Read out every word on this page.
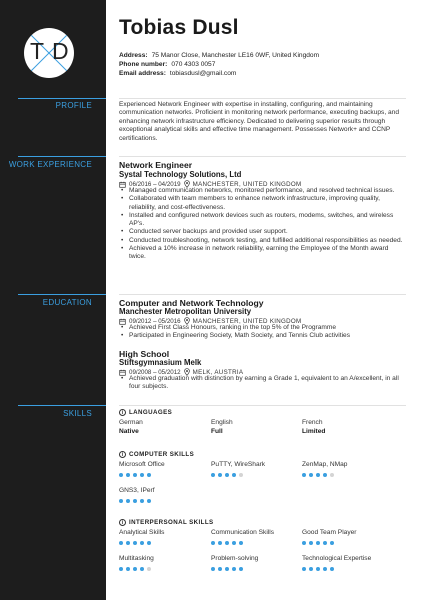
T D
PROFILE
WORK EXPERIENCE
EDUCATION
SKILLS
Tobias Dusl
Address: 75 Manor Close, Manchester LE16 0WF, United Kingdom
Phone number: 070 4303 0057
Email address: tobiasdusl@gmail.com
Experienced Network Engineer with expertise in installing, configuring, and maintaining communication networks. Proficient in monitoring network performance, executing backups, and enhancing network infrastructure efficiency. Dedicated to delivering superior results through exceptional analytical skills and effective time management. Possesses Network+ and CCNP certifications.
Network Engineer
Systal Technology Solutions, Ltd
06/2016 – 04/2019 MANCHESTER, UNITED KINGDOM
• Managed communication networks, monitored performance, and resolved technical issues.
• Collaborated with team members to enhance network infrastructure, improving quality, reliability, and cost-effectiveness.
• Installed and configured network devices such as routers, modems, switches, and wireless AP's.
• Conducted server backups and provided user support.
• Conducted troubleshooting, network testing, and fulfilled additional responsibilities as needed.
• Achieved a 10% increase in network reliability, earning the Employee of the Month award twice.
Computer and Network Technology
Manchester Metropolitan University
09/2012 – 05/2016 MANCHESTER, UNITED KINGDOM
• Achieved First Class Honours, ranking in the top 5% of the Programme
• Participated in Engineering Society, Math Society, and Tennis Club activities
High School
Stiftsgymnasium Melk
09/2008 – 05/2012 MELK, AUSTRIA
• Achieved graduation with distinction by earning a Grade 1, equivalent to an A/excellent, in all four subjects.
i LANGUAGES
German
Native
English
Full
French
Limited
i COMPUTER SKILLS
Microsoft Office	PuTTY, WireShark	ZenMap, NMap
GNS3, IPerf
i INTERPERSONAL SKILLS
Analytical Skills	Communication Skills	Good Team Player
Multitasking	Problem-solving	Technological Expertise
